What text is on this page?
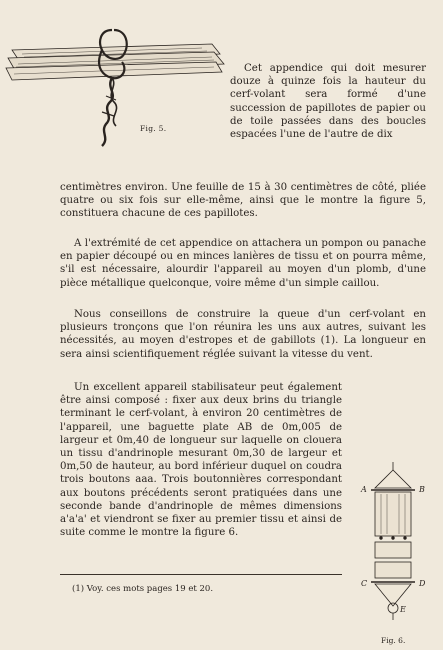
Fig. 5.

Cet appendice qui doit mesurer douze à quinze fois la hauteur du cerf-volant sera formé d'une succession de papillotes de papier ou de toile passées dans des boucles espacées l'une de l'autre de dix

centimètres environ. Une feuille de 15 à 30 centimètres de côté, pliée quatre ou six fois sur elle-même, ainsi que le montre la figure 5, constituera chacune de ces papillotes.

A l'extrémité de cet appendice on attachera un pompon ou panache en papier découpé ou en minces lanières de tissu et on pourra même, s'il est nécessaire, alourdir l'appareil au moyen d'un plomb, d'une pièce métallique quelconque, voire même d'un simple caillou.

Nous conseillons de construire la queue d'un cerf-volant en plusieurs tronçons que l'on réunira les uns aux autres, suivant les nécessités, au moyen d'estropes et de gabillots (1). La longueur en sera ainsi scientifiquement réglée suivant la vitesse du vent.

Un excellent appareil stabilisateur peut également être ainsi composé : fixer aux deux brins du triangle terminant le cerf-volant, à environ 20 centimètres de l'appareil, une baguette plate AB de 0m,005 de largeur et 0m,40 de longueur sur laquelle on clouera un tissu d'andrinople mesurant 0m,30 de largeur et 0m,50 de hauteur, au bord inférieur duquel on coudra trois boutons aaa. Trois boutonnières correspondant aux boutons précédents seront pratiquées dans une seconde bande d'andrinople de mêmes dimensions a'a'a' et viendront se fixer au premier tissu et ainsi de suite comme le montre la figure 6.

(1) Voy. ces mots pages 19 et 20.
A	B
C	D
E
Fig. 6.
